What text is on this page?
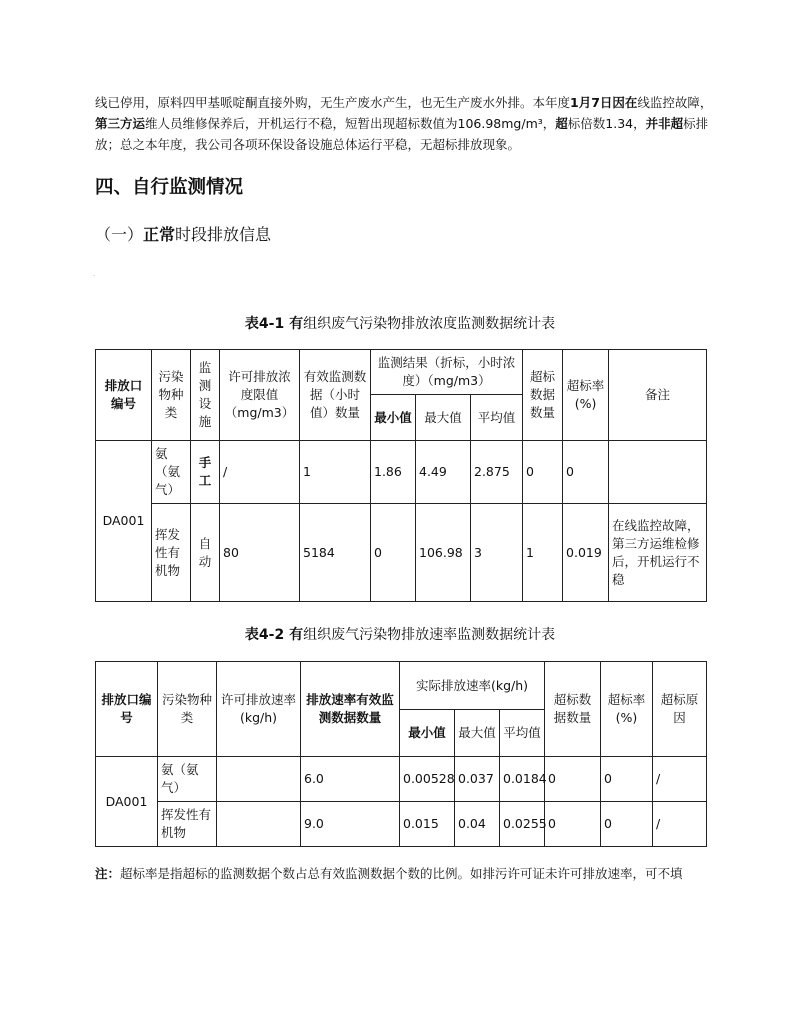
线已停用，原料四甲基哌啶酮直接外购，无生产废水产生，也无生产废水外排。本年度1月7日因在线监控故障，第三方运维人员维修保养后，开机运行不稳，短暂出现超标数值为106.98mg/m³，超标倍数1.34，并非超标排放；总之本年度，我公司各项环保设备设施总体运行平稳，无超标排放现象。
四、自行监测情况
（一）正常时段排放信息
.
表4-1 有组织废气污染物排放浓度监测数据统计表
排放口编号	污染物种类	监测设施	许可排放浓度限值（mg/m3）	有效监测数据（小时值）数量	监测结果（折标，小时浓度）（mg/m3）			超标数据数量	超标率(%)	备注
					最小值	最大值	平均值			
DA001	氨（氨气）	手工	/	1	1.86	4.49	2.875	0	0	
	挥发性有机物	自动	80	5184	0	106.98	3	1	0.019	在线监控故障，第三方运维检修后，开机运行不稳
表4-2 有组织废气污染物排放速率监测数据统计表
排放口编号	污染物种类	许可排放速率(kg/h)	排放速率有效监测数据数量	实际排放速率(kg/h)			超标数据数量	超标率(%)	超标原因
				最小值	最大值	平均值			
DA001	氨（氨气）		6.0	0.00528	0.037	0.0184	0	0	/
	挥发性有机物		9.0	0.015	0.04	0.0255	0	0	/
注：超标率是指超标的监测数据个数占总有效监测数据个数的比例。如排污许可证未许可排放速率，可不填
